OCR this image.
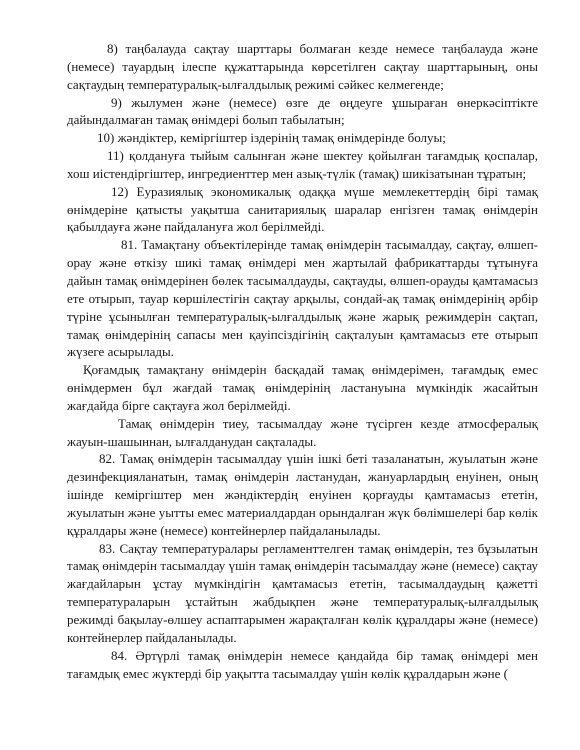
8) таңбалауда сақтау шарттары болмаған кезде немесе таңбалауда және (немесе) тауардың ілеспе құжаттарында көрсетілген сақтау шарттарының, оны сақтаудың температуралық-ылғалдылық режимі сәйкес келмегенде;

9) жылумен және (немесе) өзге де өңдеуге ұшыраған өнеркәсіптіктe дайындалмаған тамақ өнімдері болып табылатын;

10) жәндіктер, кеміргіштер іздерінің тамақ өнімдерінде болуы;

11) қолдануға тыйым салынған және шектеу қойылған тағамдық қоспалар, хош иістендіргіштер, ингредиенттер мен азық-түлік (тамақ) шикізатынан тұратын;

12) Еуразиялық экономикалық одаққа мүше мемлекеттердің бірі тамақ өнімдеріне қатысты уақытша санитариялық шаралар енгізген тамақ өнімдерін қабылдауға және пайдалануға жол берілмейді.

81. Тамақтану объектілерінде тамақ өнімдерін тасымалдау, сақтау, өлшеп-орау және өткізу шикі тамақ өнімдері мен жартылай фабрикаттарды тұтынуға дайын тамақ өнімдерінен бөлек тасымалдауды, сақтауды, өлшеп-орауды қамтамасыз ете отырып, тауар көршілестігін сақтау арқылы, сондай-ақ тамақ өнімдерінің әрбір түріне ұсынылған температуралық-ылғалдылық және жарық режимдерін сақтап, тамақ өнімдерінің сапасы мен қауіпсіздігінің сақталуын қамтамасыз ете отырып жүзеге асырылады.

Қоғамдық тамақтану өнімдерін басқадай тамақ өнімдерімен, тағамдық емес өнімдермен бұл жағдай тамақ өнімдерінің ластануына мүмкіндік жасайтын жағдайда бірге сақтауға жол берілмейді.

Тамақ өнімдерін тиеу, тасымалдау және түсірген кезде атмосфералық жауын-шашыннан, ылғалданудан сақталады.

82. Тамақ өнімдерін тасымалдау үшін ішкі беті тазаланатын, жуылатын және дезинфекцияланатын, тамақ өнімдерін ластанудан, жануарлардың енуінен, оның ішінде кеміргіштер мен жәндіктердің енуінен қорғауды қамтамасыз ететін, жуылатын және уытты емес материалдардан орындалған жүк бөлімшелері бар көлік құралдары және (немесе) контейнерлер пайдаланылады.

83. Сақтау температуралары регламенттелген тамақ өнімдерін, тез бұзылатын тамақ өнімдерін тасымалдау үшін тамақ өнімдерін тасымалдау және (немесе) сақтау жағдайларын ұстау мүмкіндігін қамтамасыз ететін, тасымалдаудың қажетті температураларын ұстайтын жабдықпен және температуралық-ылғалдылық режимді бақылау-өлшеу аспаптарымен жарақталған көлік құралдары және (немесе) контейнерлер пайдаланылады.

84. Әртүрлі тамақ өнімдерін немесе қандайда бір тамақ өнімдері мен тағамдық емес жүктерді бір уақытта тасымалдау үшін көлік құралдарын және (
